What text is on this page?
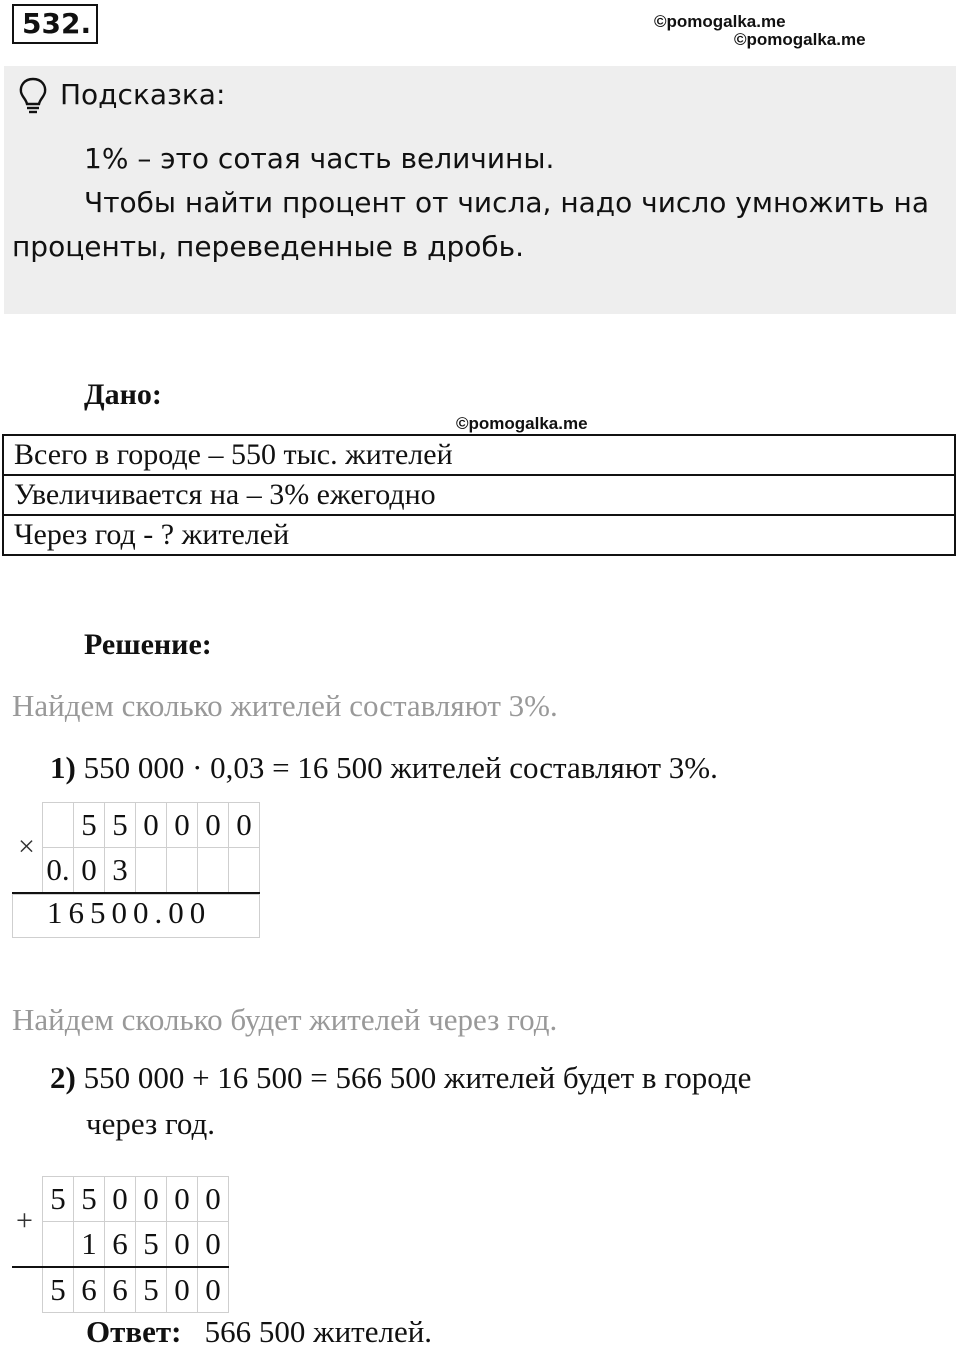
532.	©pomogalka.me
©pomogalka.me
Подсказка:
1% – это сотая часть величины.
Чтобы найти процент от числа, надо число умножить на
проценты, переведенные в дробь.
Дано:
©pomogalka.me
Всего в городе – 550 тыс. жителей
Увеличивается на – 3% ежегодно
Через год - ? жителей
Решение:
Найдем сколько жителей составляют 3%.
1) 550 000 · 0,03 = 16 500 жителей составляют 3%.
×
	5	5	0	0	0	0
0.	0	3				
16500.00
Найдем сколько будет жителей через год.
2) 550 000 + 16 500 = 566 500 жителей будет в городе
через год.
+
5	5	0	0	0	0
	1	6	5	0	0
5	6	6	5	0	0
Ответ: 566 500 жителей.
